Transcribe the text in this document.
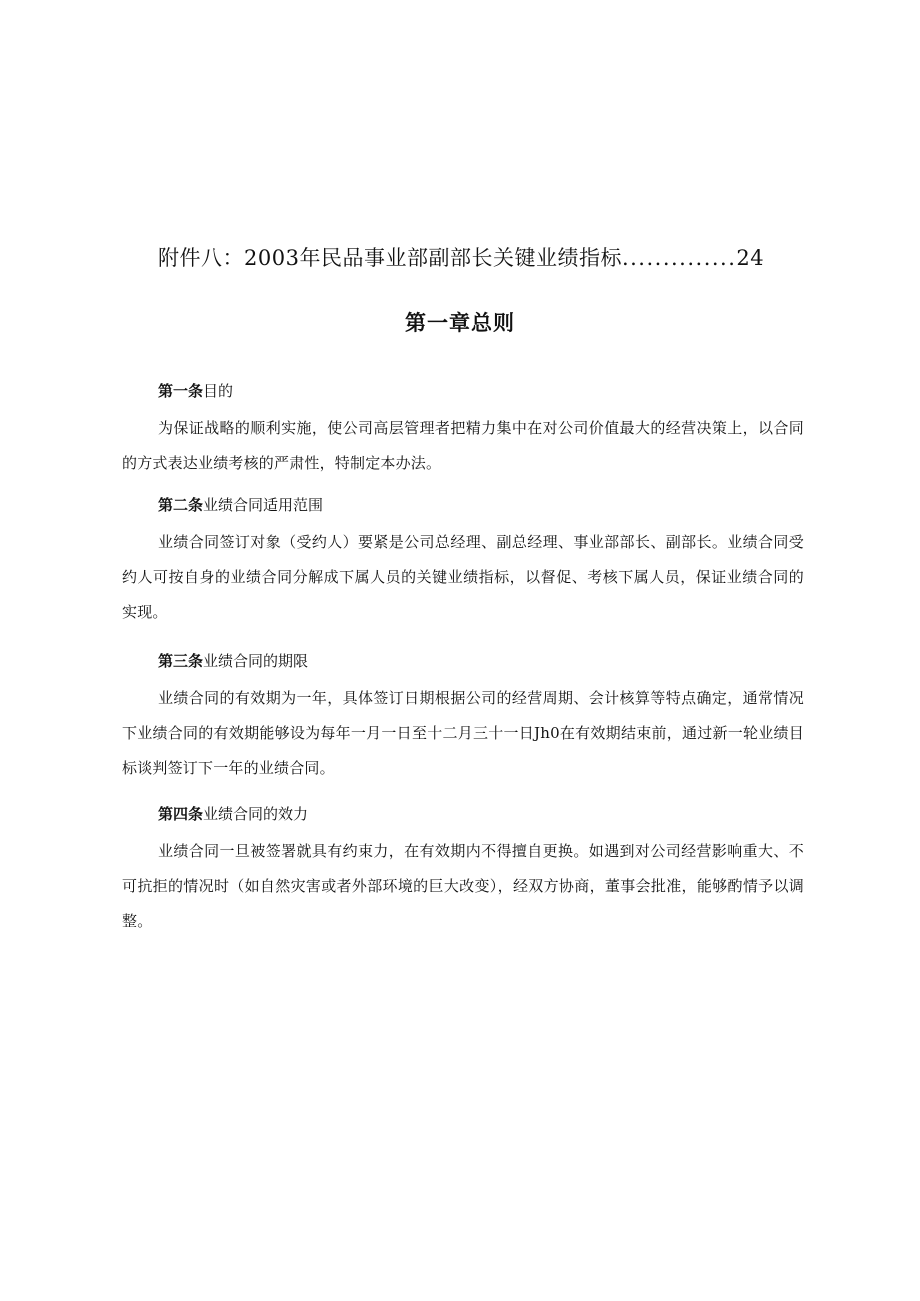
附件八：2003年民品事业部副部长关键业绩指标..............24
第一章总则
第一条目的

为保证战略的顺利实施，使公司高层管理者把精力集中在对公司价值最大的经营决策上，以合同的方式表达业绩考核的严肃性，特制定本办法。

第二条业绩合同适用范围

业绩合同签订对象（受约人）要紧是公司总经理、副总经理、事业部部长、副部长。业绩合同受约人可按自身的业绩合同分解成下属人员的关键业绩指标，以督促、考核下属人员，保证业绩合同的实现。

第三条业绩合同的期限

业绩合同的有效期为一年，具体签订日期根据公司的经营周期、会计核算等特点确定，通常情况下业绩合同的有效期能够设为每年一月一日至十二月三十一日Jh0在有效期结束前，通过新一轮业绩目标谈判签订下一年的业绩合同。

第四条业绩合同的效力

业绩合同一旦被签署就具有约束力，在有效期内不得擅自更换。如遇到对公司经营影响重大、不可抗拒的情况时（如自然灾害或者外部环境的巨大改变），经双方协商，董事会批准，能够酌情予以调整。
